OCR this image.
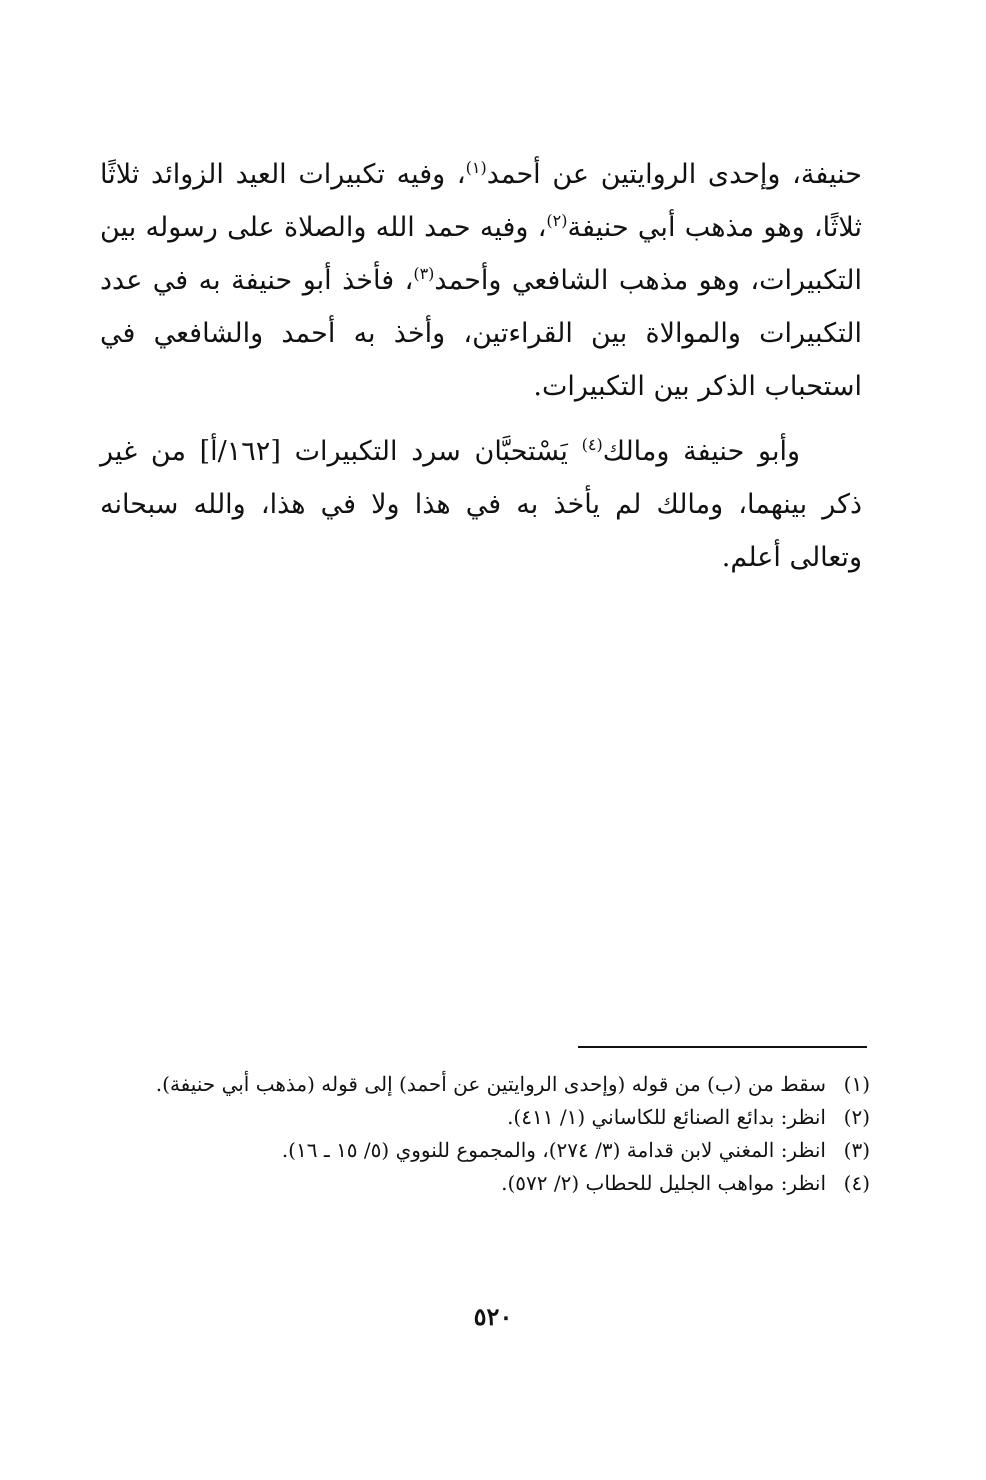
حنيفة، وإحدى الروايتين عن أحمد$^{(١)}$، وفيه تكبيرات العيد الزوائد ثلاثًا ثلاثًا، وهو مذهب أبي حنيفة$^{(٢)}$، وفيه حمد الله والصلاة على رسوله بين التكبيرات، وهو مذهب الشافعي وأحمد$^{(٣)}$، فأخذ أبو حنيفة به في عدد التكبيرات والموالاة بين القراءتين، وأخذ به أحمد والشافعي في استحباب الذكر بين التكبيرات.

وأبو حنيفة ومالك$^{(٤)}$ يَسْتحبَّان سرد التكبيرات [١٦٢/أ] من غير ذكر بينهما، ومالك لم يأخذ به في هذا ولا في هذا، والله سبحانه وتعالى أعلم.

(١)
سقط من (ب) من قوله (وإحدى الروايتين عن أحمد) إلى قوله (مذهب أبي حنيفة).
(٢)
انظر: بدائع الصنائع للكاساني (١/ ٤١١).
(٣)
انظر: المغني لابن قدامة (٣/ ٢٧٤)، والمجموع للنووي (٥/ ١٥ ـ ١٦).
(٤)
انظر: مواهب الجليل للحطاب (٢/ ٥٧٢).
٥٢٠
